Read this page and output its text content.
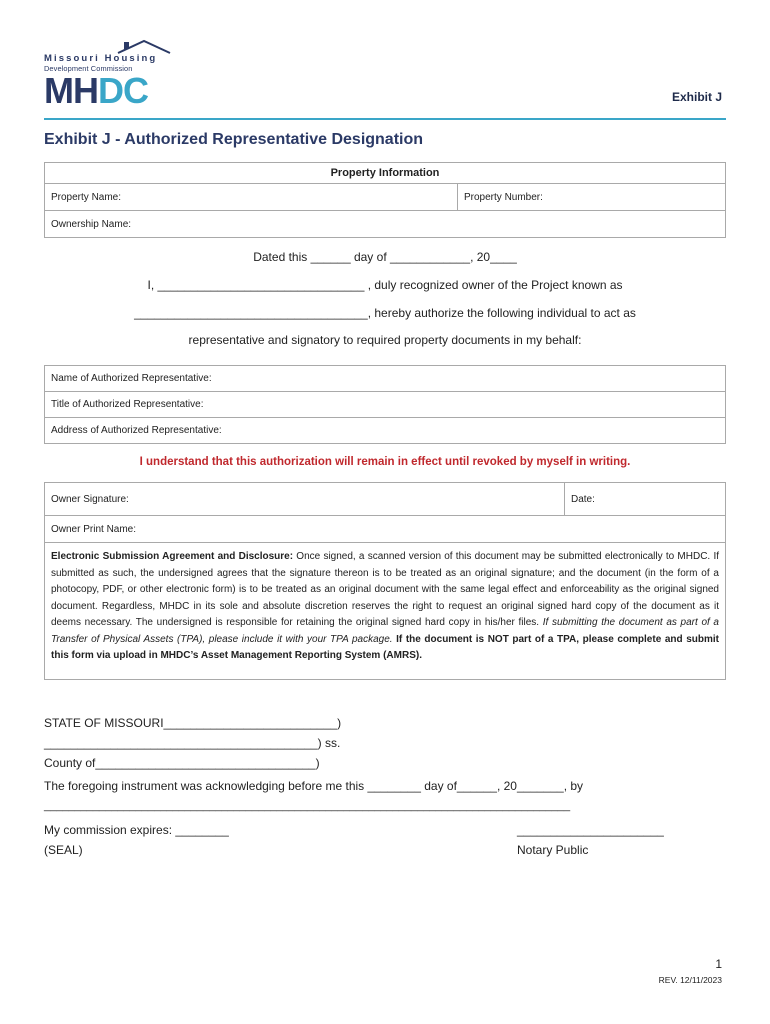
Missouri Housing
Development Commission
MHDC	Exhibit J
Exhibit J - Authorized Representative Designation
Property Information
Property Name:	Property Number:
Ownership Name:
Dated this ______ day of ____________, 20____
I, _______________________________ , duly recognized owner of the Project known as
___________________________________, hereby authorize the following individual to act as
representative and signatory to required property documents in my behalf:
Name of Authorized Representative:
Title of Authorized Representative:
Address of Authorized Representative:
I understand that this authorization will remain in effect until revoked by myself in writing.
Owner Signature:	Date:
Owner Print Name:
Electronic Submission Agreement and Disclosure: Once signed, a scanned version of this document may be submitted electronically to MHDC. If submitted as such, the undersigned agrees that the signature thereon is to be treated as an original signature; and the document (in the form of a photocopy, PDF, or other electronic form) is to be treated as an original document with the same legal effect and enforceability as the original signed document. Regardless, MHDC in its sole and absolute discretion reserves the right to request an original signed hard copy of the document as it deems necessary. The undersigned is responsible for retaining the original signed hard copy in his/her files. If submitting the document as part of a Transfer of Physical Assets (TPA), please include it with your TPA package. If the document is NOT part of a TPA, please complete and submit this form via upload in MHDC’s Asset Management Reporting System (AMRS).
STATE OF MISSOURI__________________________)
_________________________________________) ss.
County of_________________________________)
The foregoing instrument was acknowledging before me this ________ day of______, 20_______, by
______________________________________________________________________________________
My commission expires: ________
(SEAL)
______________________
Notary Public
1
REV. 12/11/2023
